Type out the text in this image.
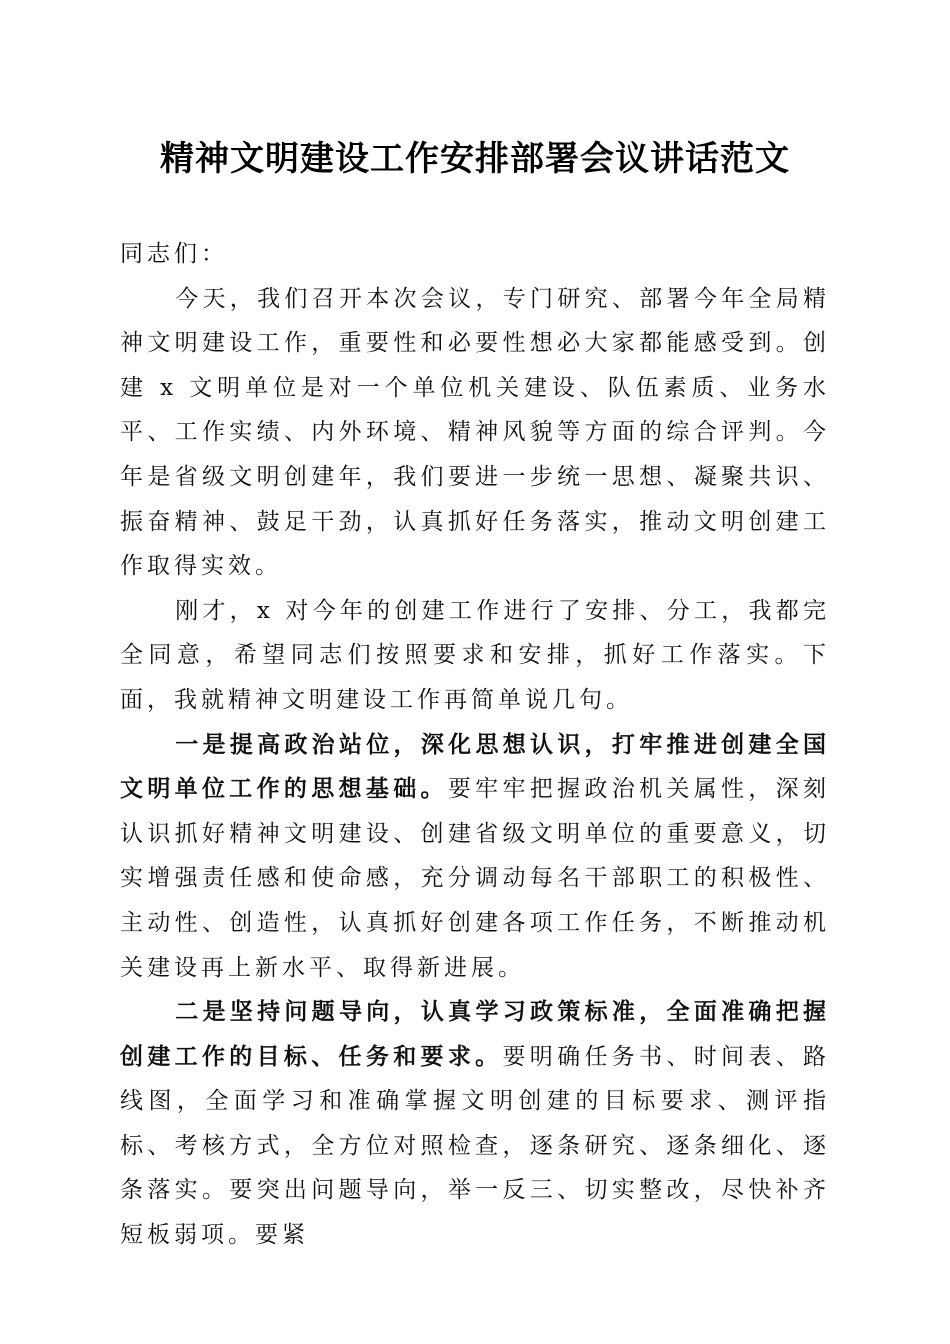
精神文明建设工作安排部署会议讲话范文

同志们：

今天，我们召开本次会议，专门研究、部署今年全局精神文明建设工作，重要性和必要性想必大家都能感受到。创建 x 文明单位是对一个单位机关建设、队伍素质、业务水平、工作实绩、内外环境、精神风貌等方面的综合评判。今年是省级文明创建年，我们要进一步统一思想、凝聚共识、振奋精神、鼓足干劲，认真抓好任务落实，推动文明创建工作取得实效。

刚才，x 对今年的创建工作进行了安排、分工，我都完全同意，希望同志们按照要求和安排，抓好工作落实。下面，我就精神文明建设工作再简单说几句。

一是提高政治站位，深化思想认识，打牢推进创建全国文明单位工作的思想基础。要牢牢把握政治机关属性，深刻认识抓好精神文明建设、创建省级文明单位的重要意义，切实增强责任感和使命感，充分调动每名干部职工的积极性、主动性、创造性，认真抓好创建各项工作任务，不断推动机关建设再上新水平、取得新进展。

二是坚持问题导向，认真学习政策标准，全面准确把握创建工作的目标、任务和要求。要明确任务书、时间表、路线图，全面学习和准确掌握文明创建的目标要求、测评指标、考核方式，全方位对照检查，逐条研究、逐条细化、逐条落实。要突出问题导向，举一反三、切实整改，尽快补齐短板弱项。要紧
